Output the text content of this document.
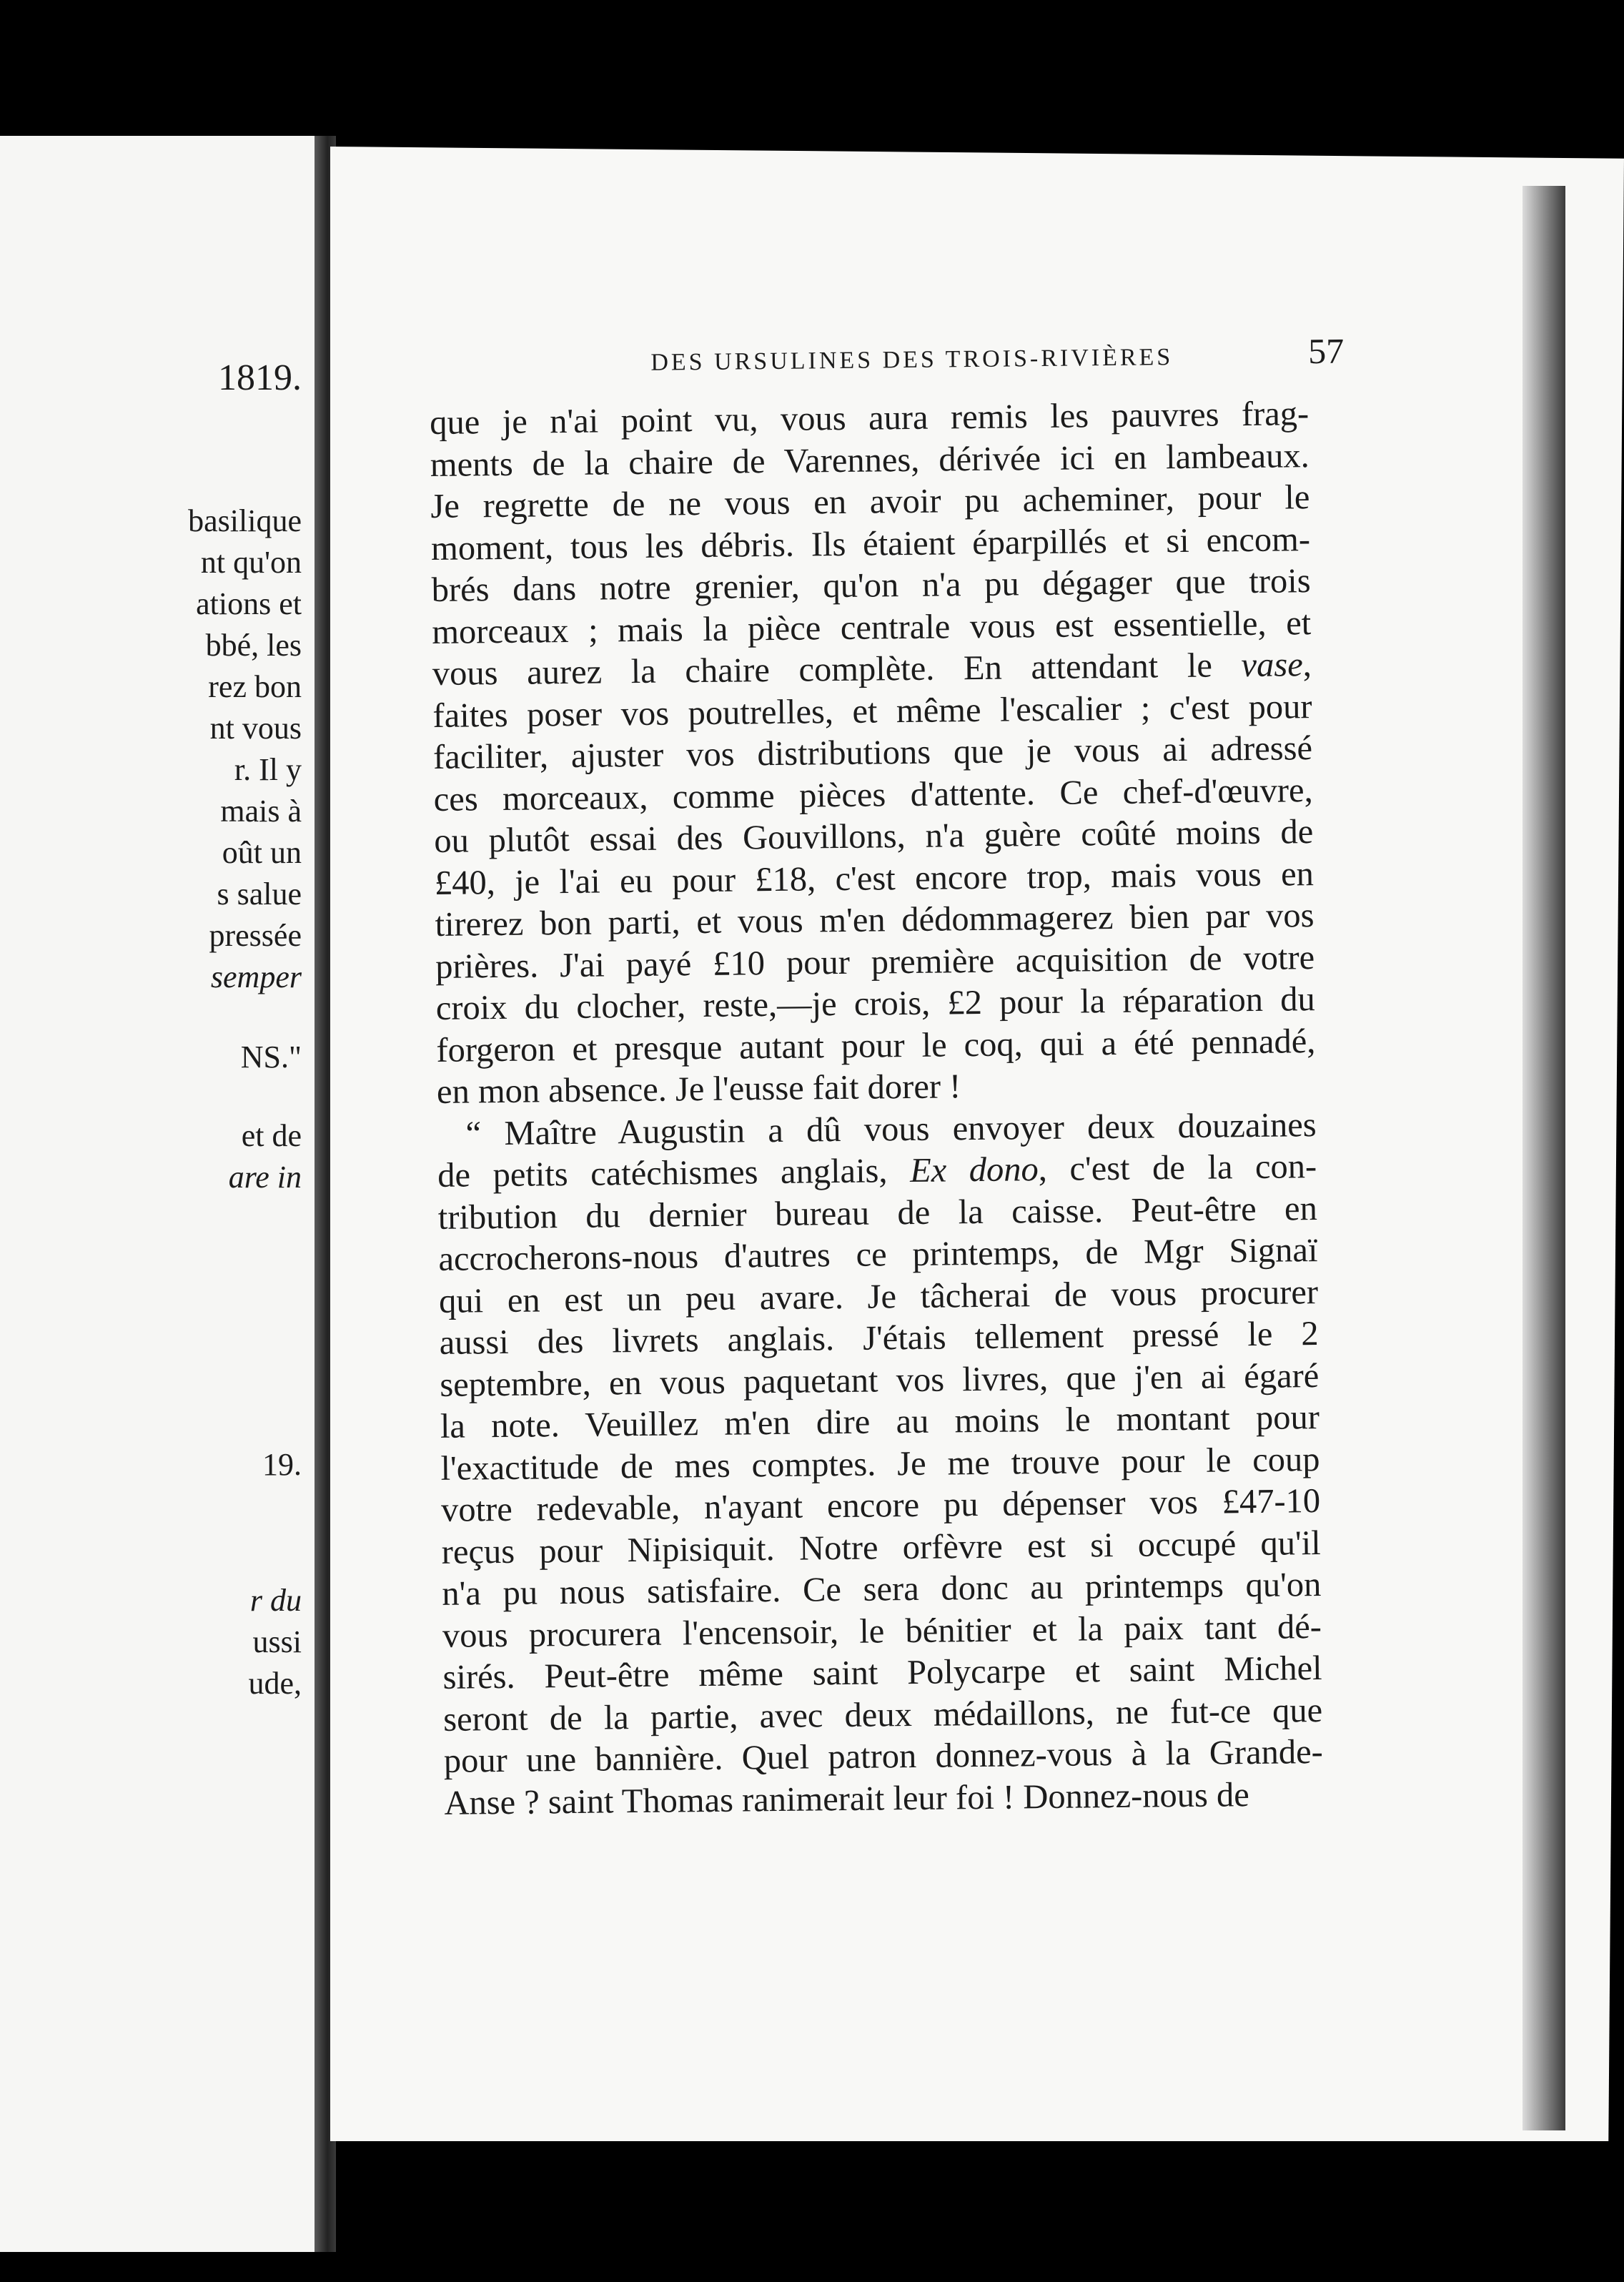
1819.
basilique
nt qu'on
ations et
bbé, les
rez bon
nt vous
r. Il y
mais à
oût un
s salue
pressée
semper
NS."
et de
are in
19.
r du
ussi
ude,
DES URSULINES DES TROIS-RIVIÈRES	57
que je n'ai point vu, vous aura remis les pauvres frag-
ments de la chaire de Varennes, dérivée ici en lambeaux.
Je regrette de ne vous en avoir pu acheminer, pour le
moment, tous les débris. Ils étaient éparpillés et si encom-
brés dans notre grenier, qu'on n'a pu dégager que trois
morceaux ; mais la pièce centrale vous est essentielle, et
vous aurez la chaire complète. En attendant le vase,
faites poser vos poutrelles, et même l'escalier ; c'est pour
faciliter, ajuster vos distributions que je vous ai adressé
ces morceaux, comme pièces d'attente. Ce chef-d'œuvre,
ou plutôt essai des Gouvillons, n'a guère coûté moins de
£40, je l'ai eu pour £18, c'est encore trop, mais vous en
tirerez bon parti, et vous m'en dédommagerez bien par vos
prières. J'ai payé £10 pour première acquisition de votre
croix du clocher, reste,—je crois, £2 pour la réparation du
forgeron et presque autant pour le coq, qui a été pennadé,
en mon absence. Je l'eusse fait dorer !
“ Maître Augustin a dû vous envoyer deux douzaines
de petits catéchismes anglais, Ex dono, c'est de la con-
tribution du dernier bureau de la caisse. Peut-être en
accrocherons-nous d'autres ce printemps, de Mgr Signaï
qui en est un peu avare. Je tâcherai de vous procurer
aussi des livrets anglais. J'étais tellement pressé le 2
septembre, en vous paquetant vos livres, que j'en ai égaré
la note. Veuillez m'en dire au moins le montant pour
l'exactitude de mes comptes. Je me trouve pour le coup
votre redevable, n'ayant encore pu dépenser vos £47-10
reçus pour Nipisiquit. Notre orfèvre est si occupé qu'il
n'a pu nous satisfaire. Ce sera donc au printemps qu'on
vous procurera l'encensoir, le bénitier et la paix tant dé-
sirés. Peut-être même saint Polycarpe et saint Michel
seront de la partie, avec deux médaillons, ne fut-ce que
pour une bannière. Quel patron donnez-vous à la Grande-
Anse ? saint Thomas ranimerait leur foi ! Donnez-nous de
